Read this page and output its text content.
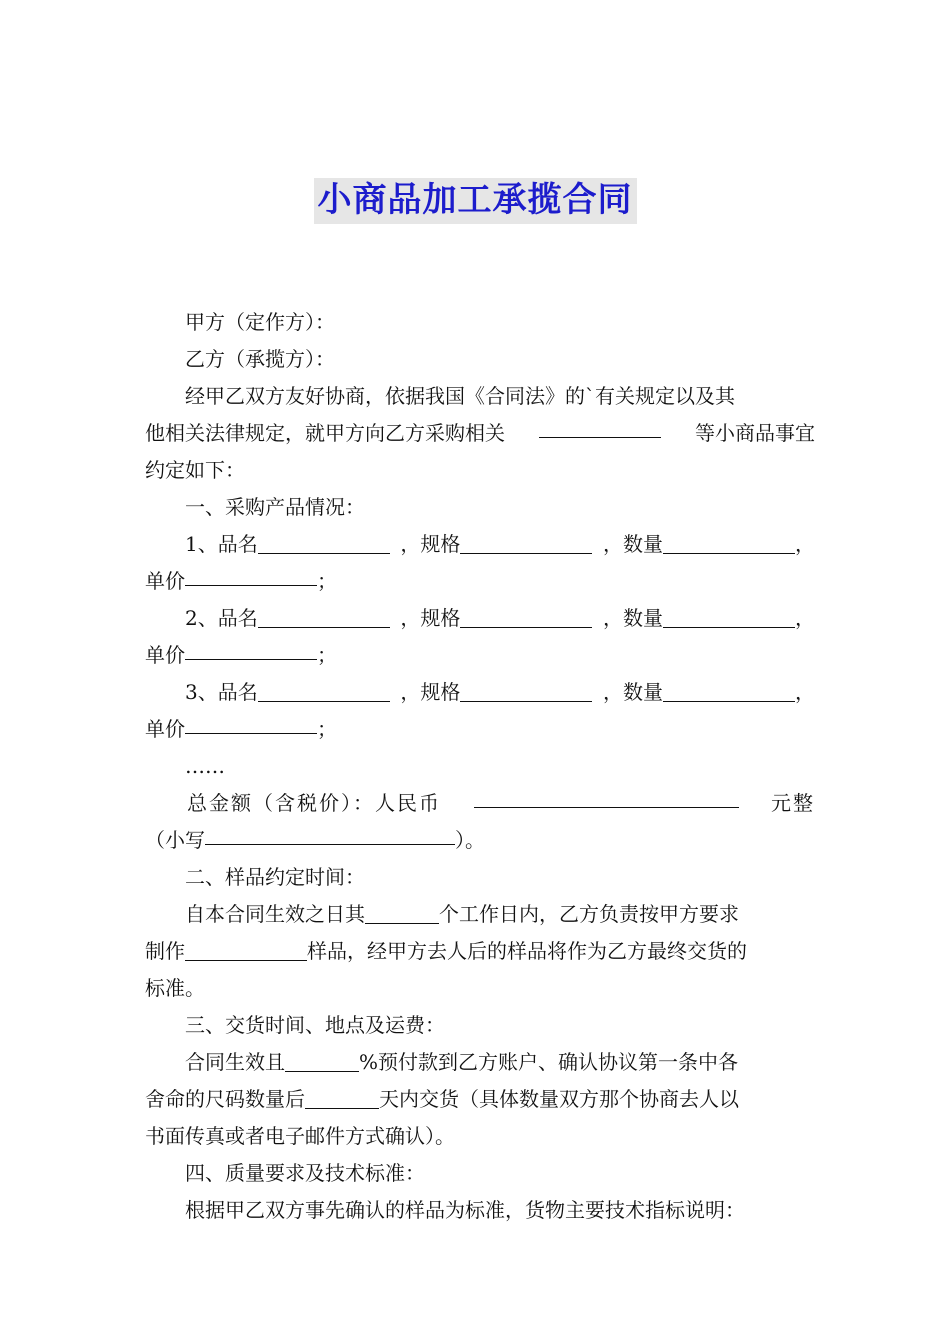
小商品加工承揽合同

甲方（定作方）：

乙方（承揽方）：

经甲乙双方友好协商，依据我国《合同法》的`有关规定以及其
他相关法律规定，就甲方向乙方采购相关	等小商品事宜

约定如下：

一、采购产品情况：

1、品名	，规格	，数量	，
单价	；
2、品名	，规格	，数量	，
单价	；
3、品名	，规格	，数量	，
单价	；

……

总金额（含税价）：人民币	元整
（小写	）。

二、样品约定时间：

自本合同生效之日其	个工作日内，乙方负责按甲方要求
制作	样品，经甲方去人后的样品将作为乙方最终交货的

标准。

三、交货时间、地点及运费：

合同生效且	%预付款到乙方账户、确认协议第一条中各
舍命的尺码数量后	天内交货（具体数量双方那个协商去人以

书面传真或者电子邮件方式确认）。

四、质量要求及技术标准：

根据甲乙双方事先确认的样品为标准，货物主要技术指标说明：
